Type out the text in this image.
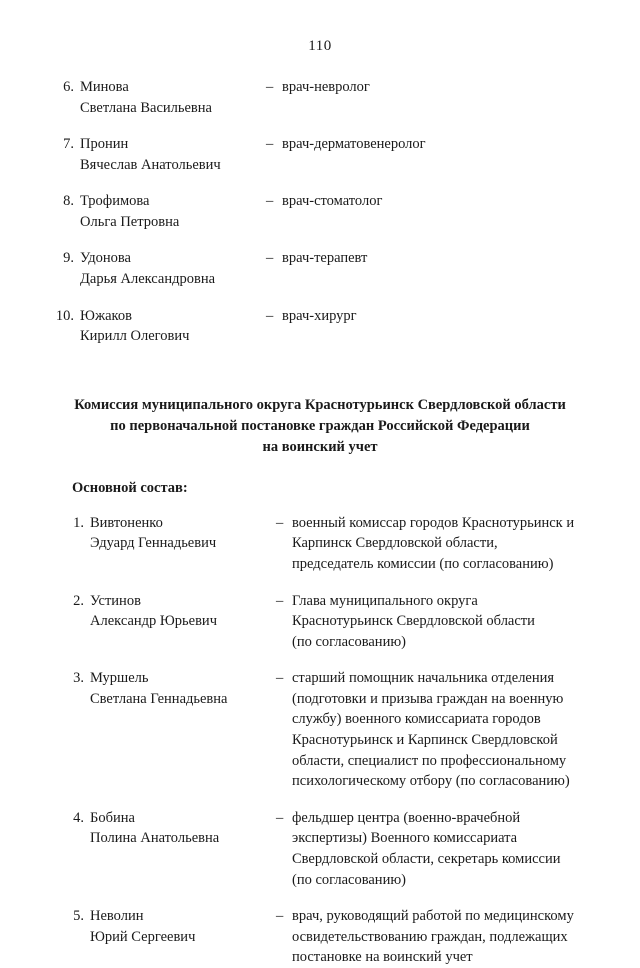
110
6. Минова
Светлана Васильевна
– врач-невролог
7. Пронин
Вячеслав Анатольевич
– врач-дерматовенеролог
8. Трофимова
Ольга Петровна
– врач-стоматолог
9. Удонова
Дарья Александровна
– врач-терапевт
10. Южаков
Кирилл Олегович
– врач-хирург
Комиссия муниципального округа Краснотурьинск Свердловской области
по первоначальной постановке граждан Российской Федерации
на воинский учет
Основной состав:
1. Вивтоненко
Эдуард Геннадьевич
– военный комиссар городов Краснотурьинск и
Карпинск Свердловской области,
председатель комиссии (по согласованию)
2. Устинов
Александр Юрьевич
– Глава муниципального округа
Краснотурьинск Свердловской области
(по согласованию)
3. Муршель
Светлана Геннадьевна
– старший помощник начальника отделения
(подготовки и призыва граждан на военную
службу) военного комиссариата городов
Краснотурьинск и Карпинск Свердловской
области, специалист по профессиональному
психологическому отбору (по согласованию)
4. Бобина
Полина Анатольевна
– фельдшер центра (военно-врачебной
экспертизы) Военного комиссариата
Свердловской области, секретарь комиссии
(по согласованию)
5. Неволин
Юрий Сергеевич
– врач, руководящий работой по медицинскому
освидетельствованию граждан, подлежащих
постановке на воинский учет
